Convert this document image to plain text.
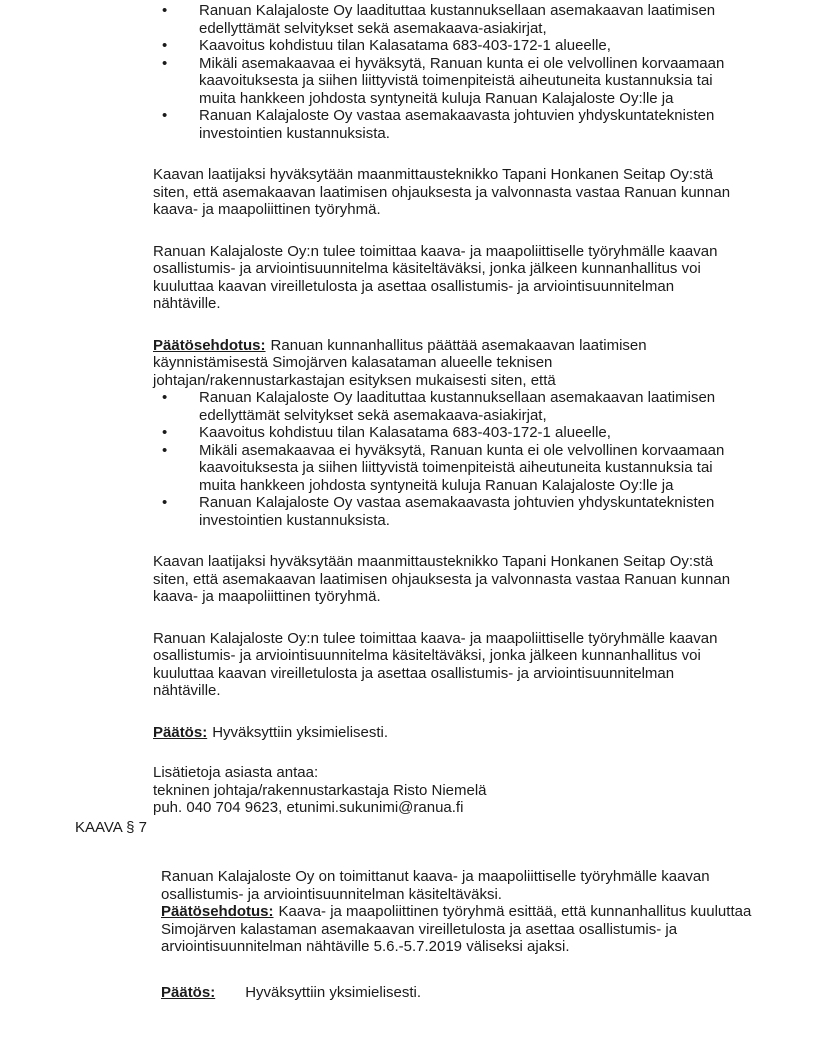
• Ranuan Kalajaloste Oy laadituttaa kustannuksellaan asemakaavan laatimisen edellyttämät selvitykset sekä asemakaava-asiakirjat,
• Kaavoitus kohdistuu tilan Kalasatama 683-403-172-1 alueelle,
• Mikäli asemakaavaa ei hyväksytä, Ranuan kunta ei ole velvollinen korvaamaan kaavoituksesta ja siihen liittyvistä toimenpiteistä aiheutuneita kustannuksia tai muita hankkeen johdosta syntyneitä kuluja Ranuan Kalajaloste Oy:lle ja
• Ranuan Kalajaloste Oy vastaa asemakaavasta johtuvien yhdyskuntateknisten investointien kustannuksista.

Kaavan laatijaksi hyväksytään maanmittausteknikko Tapani Honkanen Seitap Oy:stä siten, että asemakaavan laatimisen ohjauksesta ja valvonnasta vastaa Ranuan kunnan kaava- ja maapoliittinen työryhmä.

Ranuan Kalajaloste Oy:n tulee toimittaa kaava- ja maapoliittiselle työryhmälle kaavan osallistumis- ja arviointisuunnitelma käsiteltäväksi, jonka jälkeen kunnanhallitus voi kuuluttaa kaavan vireilletulosta ja asettaa osallistumis- ja arviointisuunnitelman nähtäville.

Päätösehdotus: Ranuan kunnanhallitus päättää asemakaavan laatimisen käynnistämisestä Simojärven kalasataman alueelle teknisen johtajan/rakennustarkastajan esityksen mukaisesti siten, että

• Ranuan Kalajaloste Oy laadituttaa kustannuksellaan asemakaavan laatimisen edellyttämät selvitykset sekä asemakaava-asiakirjat,
• Kaavoitus kohdistuu tilan Kalasatama 683-403-172-1 alueelle,
• Mikäli asemakaavaa ei hyväksytä, Ranuan kunta ei ole velvollinen korvaamaan kaavoituksesta ja siihen liittyvistä toimenpiteistä aiheutuneita kustannuksia tai muita hankkeen johdosta syntyneitä kuluja Ranuan Kalajaloste Oy:lle ja
• Ranuan Kalajaloste Oy vastaa asemakaavasta johtuvien yhdyskuntateknisten investointien kustannuksista.

Kaavan laatijaksi hyväksytään maanmittausteknikko Tapani Honkanen Seitap Oy:stä siten, että asemakaavan laatimisen ohjauksesta ja valvonnasta vastaa Ranuan kunnan kaava- ja maapoliittinen työryhmä.

Ranuan Kalajaloste Oy:n tulee toimittaa kaava- ja maapoliittiselle työryhmälle kaavan osallistumis- ja arviointisuunnitelma käsiteltäväksi, jonka jälkeen kunnanhallitus voi kuuluttaa kaavan vireilletulosta ja asettaa osallistumis- ja arviointisuunnitelman nähtäville.

Päätös: Hyväksyttiin yksimielisesti.

Lisätietoja asiasta antaa:
tekninen johtaja/rakennustarkastaja Risto Niemelä
puh. 040 704 9623, etunimi.sukunimi@ranua.fi
KAAVA § 7

Ranuan Kalajaloste Oy on toimittanut kaava- ja maapoliittiselle työryhmälle kaavan osallistumis- ja arviointisuunnitelman käsiteltäväksi.

Päätösehdotus: Kaava- ja maapoliittinen työryhmä esittää, että kunnanhallitus kuuluttaa Simojärven kalastaman asemakaavan vireilletulosta ja asettaa osallistumis- ja arviointisuunnitelman nähtäville 5.6.-5.7.2019 väliseksi ajaksi.

Päätös: Hyväksyttiin yksimielisesti.
